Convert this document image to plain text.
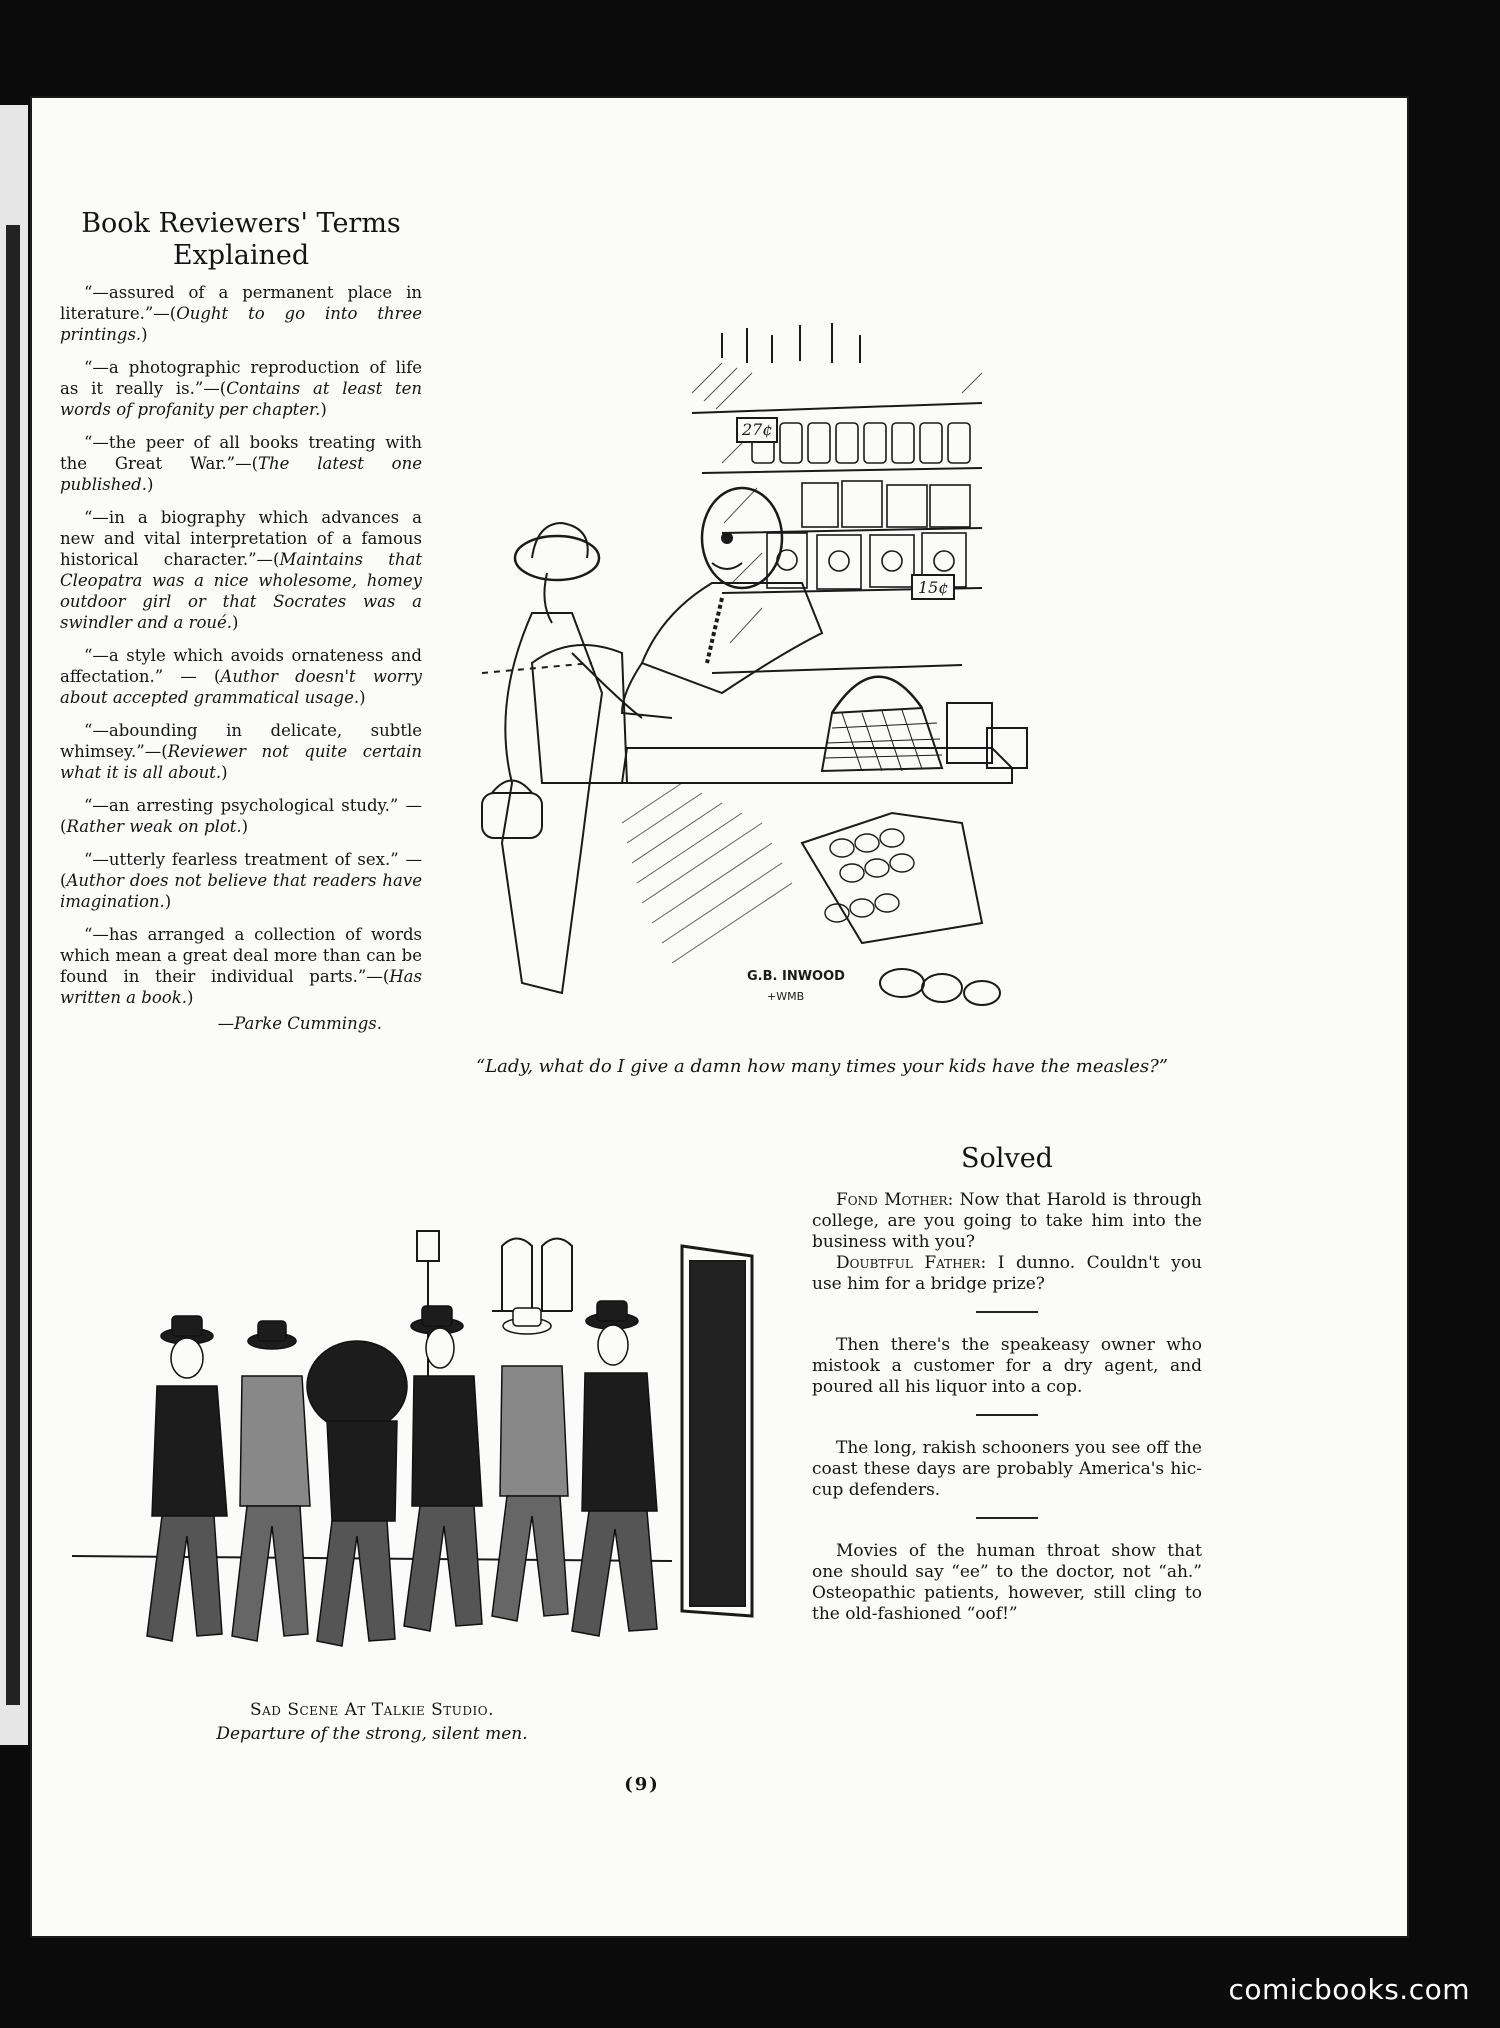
Book Reviewers' Terms
Explained

“—assured of a permanent place in literature.”—(Ought to go into three printings.)

“—a photographic reproduction of life as it really is.”—(Contains at least ten words of profanity per chapter.)

“—the peer of all books treating with the Great War.”—(The latest one published.)

“—in a biography which advances a new and vital interpretation of a famous historical character.”—(Maintains that Cleopatra was a nice wholesome, homey outdoor girl or that Socrates was a swindler and a roué.)

“—a style which avoids ornateness and affectation.” — (Author doesn't worry about accepted grammatical usage.)

“—abounding in delicate, subtle whimsey.”—(Reviewer not quite certain what it is all about.)

“—an arresting psychological study.” —(Rather weak on plot.)

“—utterly fearless treatment of sex.” —(Author does not believe that readers have imagination.)

“—has arranged a collection of words which mean a great deal more than can be found in their individual parts.”—(Has written a book.)

—Parke Cummings.
27¢
15¢
G.B. INWOOD
+WMB
“Lady, what do I give a damn how many times your kids have the measles?”
Sad Scene At Talkie Studio.
Departure of the strong, silent men.
Solved

Fond Mother: Now that Harold is through college, are you going to take him into the business with you?

Doubtful Father: I dunno. Couldn't you use him for a bridge prize?

Then there's the speakeasy owner who mistook a customer for a dry agent, and poured all his liquor into a cop.

The long, rakish schooners you see off the coast these days are probably America's hic-cup defenders.

Movies of the human throat show that one should say “ee” to the doctor, not “ah.” Osteopathic patients, however, still cling to the old-fashioned “oof!”

(9)
comicbooks.com
